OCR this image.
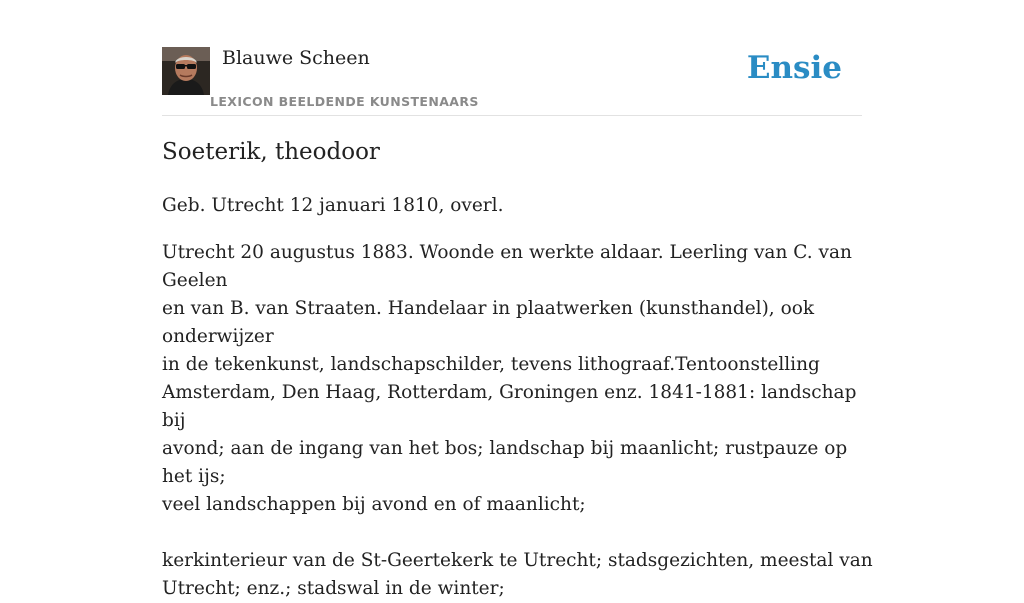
Blauwe Scheen
LEXICON BEELDENDE KUNSTENAARS
Ensie
Soeterik, theodoor

Geb. Utrecht 12 januari 1810, overl.

Utrecht 20 augustus 1883. Woonde en werkte aldaar. Leerling van C. van Geelen
en van B. van Straaten. Handelaar in plaatwerken (kunsthandel), ook onderwijzer
in de tekenkunst, landschapschilder, tevens lithograaf.Tentoonstelling
Amsterdam, Den Haag, Rotterdam, Groningen enz. 1841-1881: landschap bij
avond; aan de ingang van het bos; landschap bij maanlicht; rustpauze op het ijs;
veel landschappen bij avond en of maanlicht;

kerkinterieur van de St-Geertekerk te Utrecht; stadsgezichten, meestal van
Utrecht; enz.; stadswal in de winter;
